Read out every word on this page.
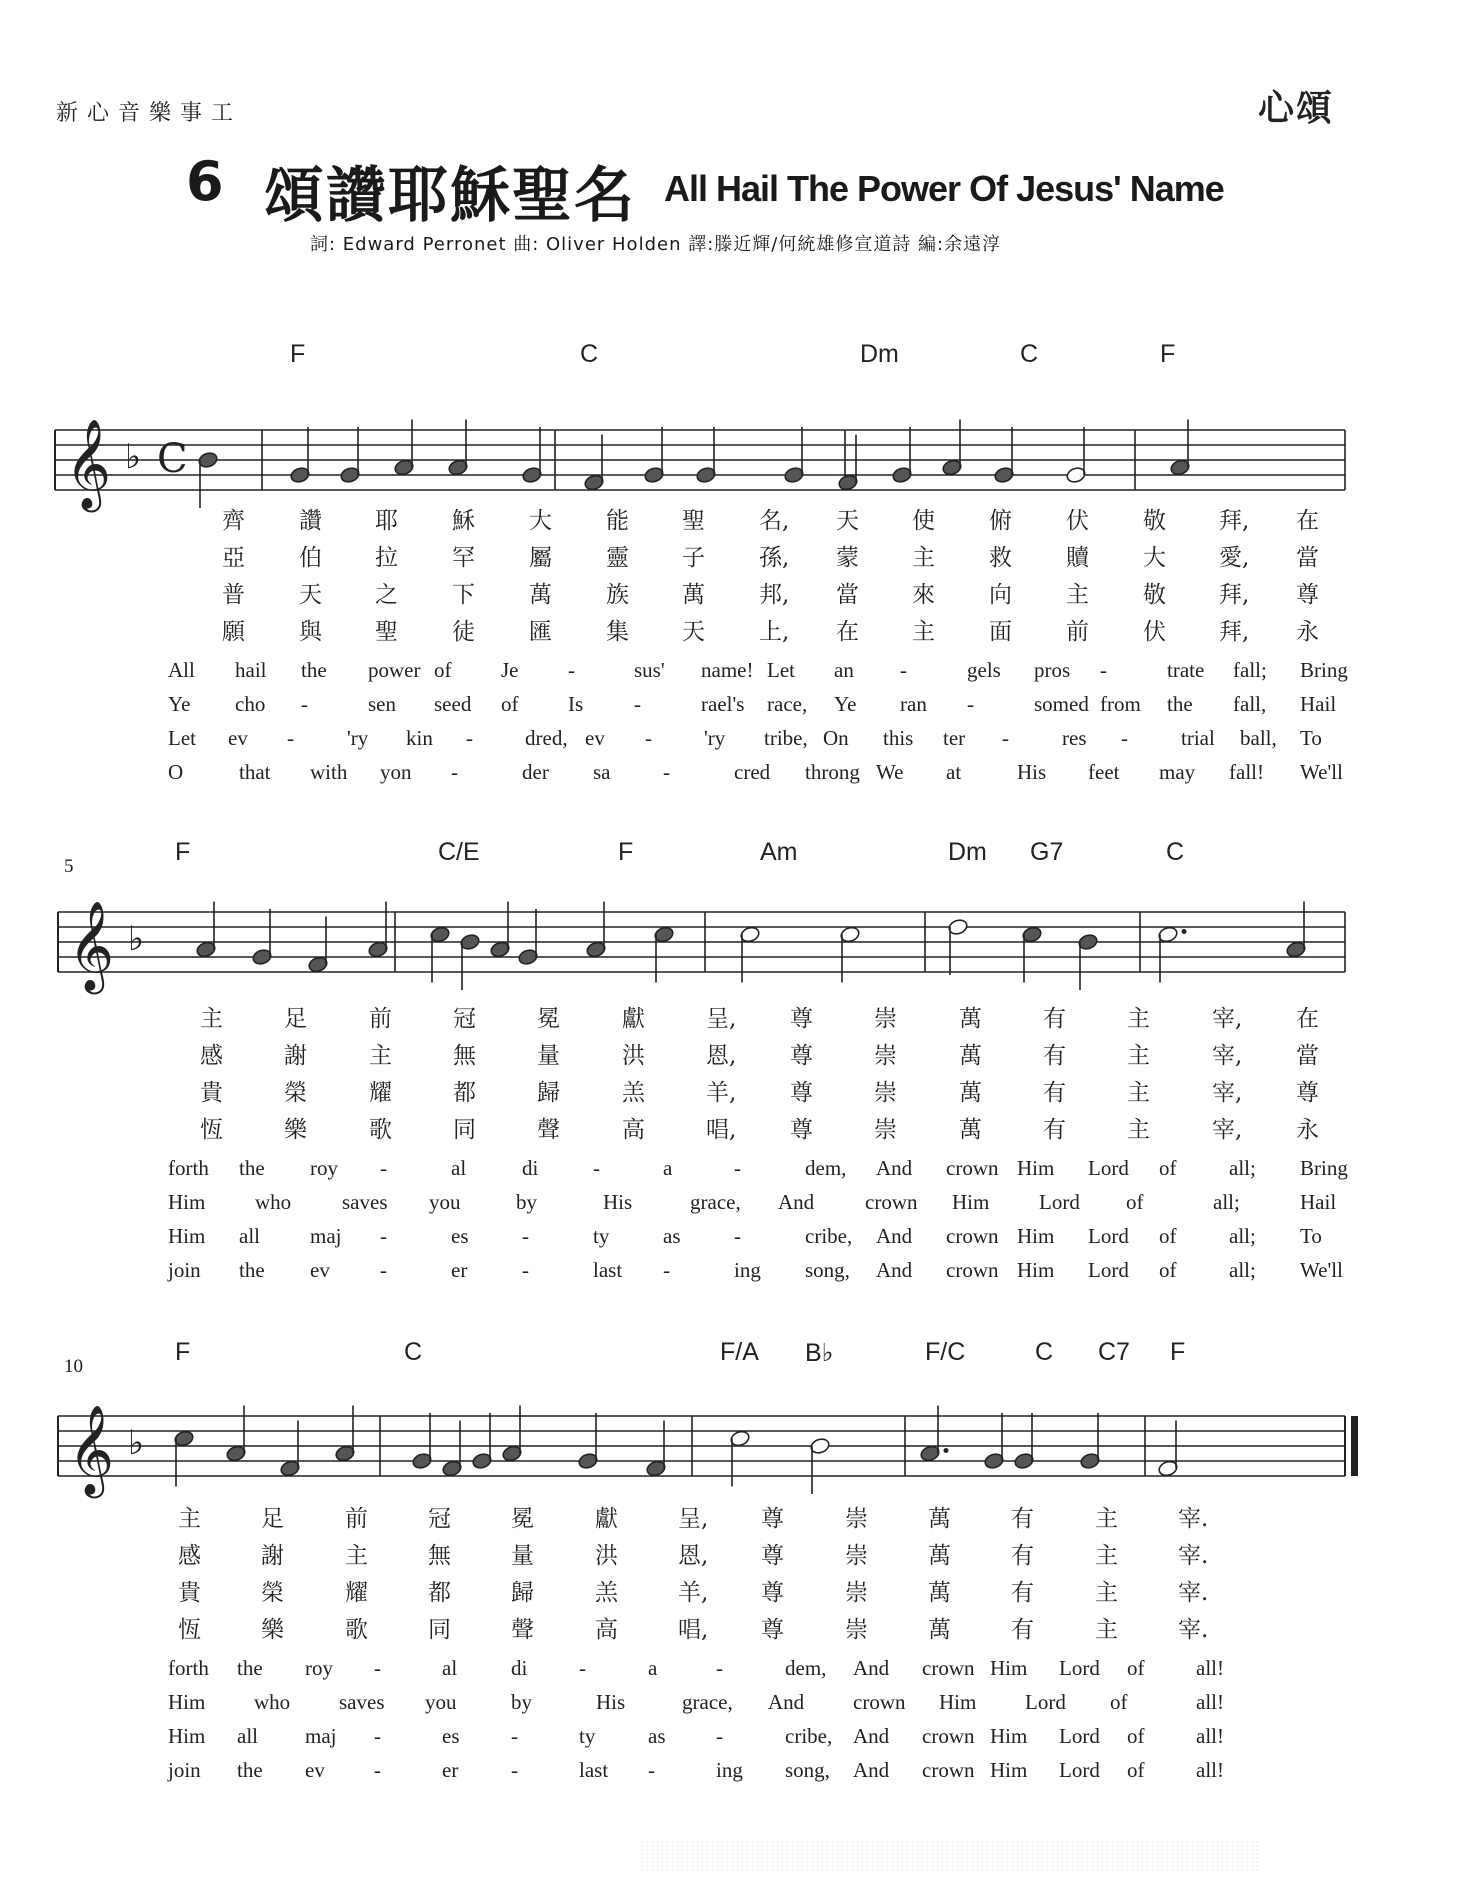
新心音樂事工	心頌
6 頌讚耶穌聖名 All Hail The Power Of Jesus' Name
詞: Edward Perronet 曲: Oliver Holden 譯:滕近輝/何統雄修宣道詩 編:余遠淳
F	C	Dm	C	F
𝄞 ♭ C
齊 讚 耶 穌 大 能 聖 名, 天 使 俯 伏 敬 拜, 在
亞 伯 拉 罕 屬 靈 子 孫, 蒙 主 救 贖 大 愛, 當
普 天 之 下 萬 族 萬 邦, 當 來 向 主 敬 拜, 尊
願 與 聖 徒 匯 集 天 上, 在 主 面 前 伏 拜, 永
All hail the power of Je -	sus' name! Let an -	gels pros -	trate fall; Bring
Ye cho -	sen seed of Is -	rael's race, Ye ran -	somed from the fall, Hail
Let ev -	'ry kin - dred, ev - 'ry tribe, On this ter -	res -	trial ball, To
O	that with yon -	der sa	-	cred throng We at	His feet may fall! We'll
5
F	C/E	F	Am	Dm G7	C
𝄞 ♭
主	足	前	冠	冕	獻	呈, 尊	崇	萬	有	主	宰, 在
感	謝	主	無	量	洪	恩, 尊	崇	萬	有	主	宰, 當
貴	榮	耀	都	歸	羔	羊, 尊	崇	萬	有	主	宰, 尊
恆	樂	歌	同	聲	高	唱, 尊	崇	萬	有	主	宰, 永
forth the roy -	al	di	-	a	-	dem, And crown Him Lord of	all; Bring
Him who saves you	by	His	grace, And crown Him Lord of	all;	Hail
Him all maj -	es	-	ty	as	-	cribe, And crown Him Lord of	all; To
join the ev -	er	-	last -	ing song, And crown Him Lord of	all; We'll
10
F	C	F/A B♭	F/C	C C7 F
𝄞 ♭
主	足	前	冠	冕	獻	呈, 尊	崇	萬	有	主	宰.
感	謝	主	無	量	洪	恩, 尊	崇	萬	有	主	宰.
貴	榮	耀	都	歸	羔	羊, 尊	崇	萬	有	主	宰.
恆	樂	歌	同	聲	高	唱, 尊	崇	萬	有	主	宰.
forth the roy -	al	di -	a	-	dem, And crown Him Lord of all!
Him who saves you	by	His	grace, And crown Him Lord of	all!
Him all maj -	es -	ty	as -	cribe, And crown Him Lord of all!
join the ev -	er	-	last -	ing song, And crown Him Lord of all!
